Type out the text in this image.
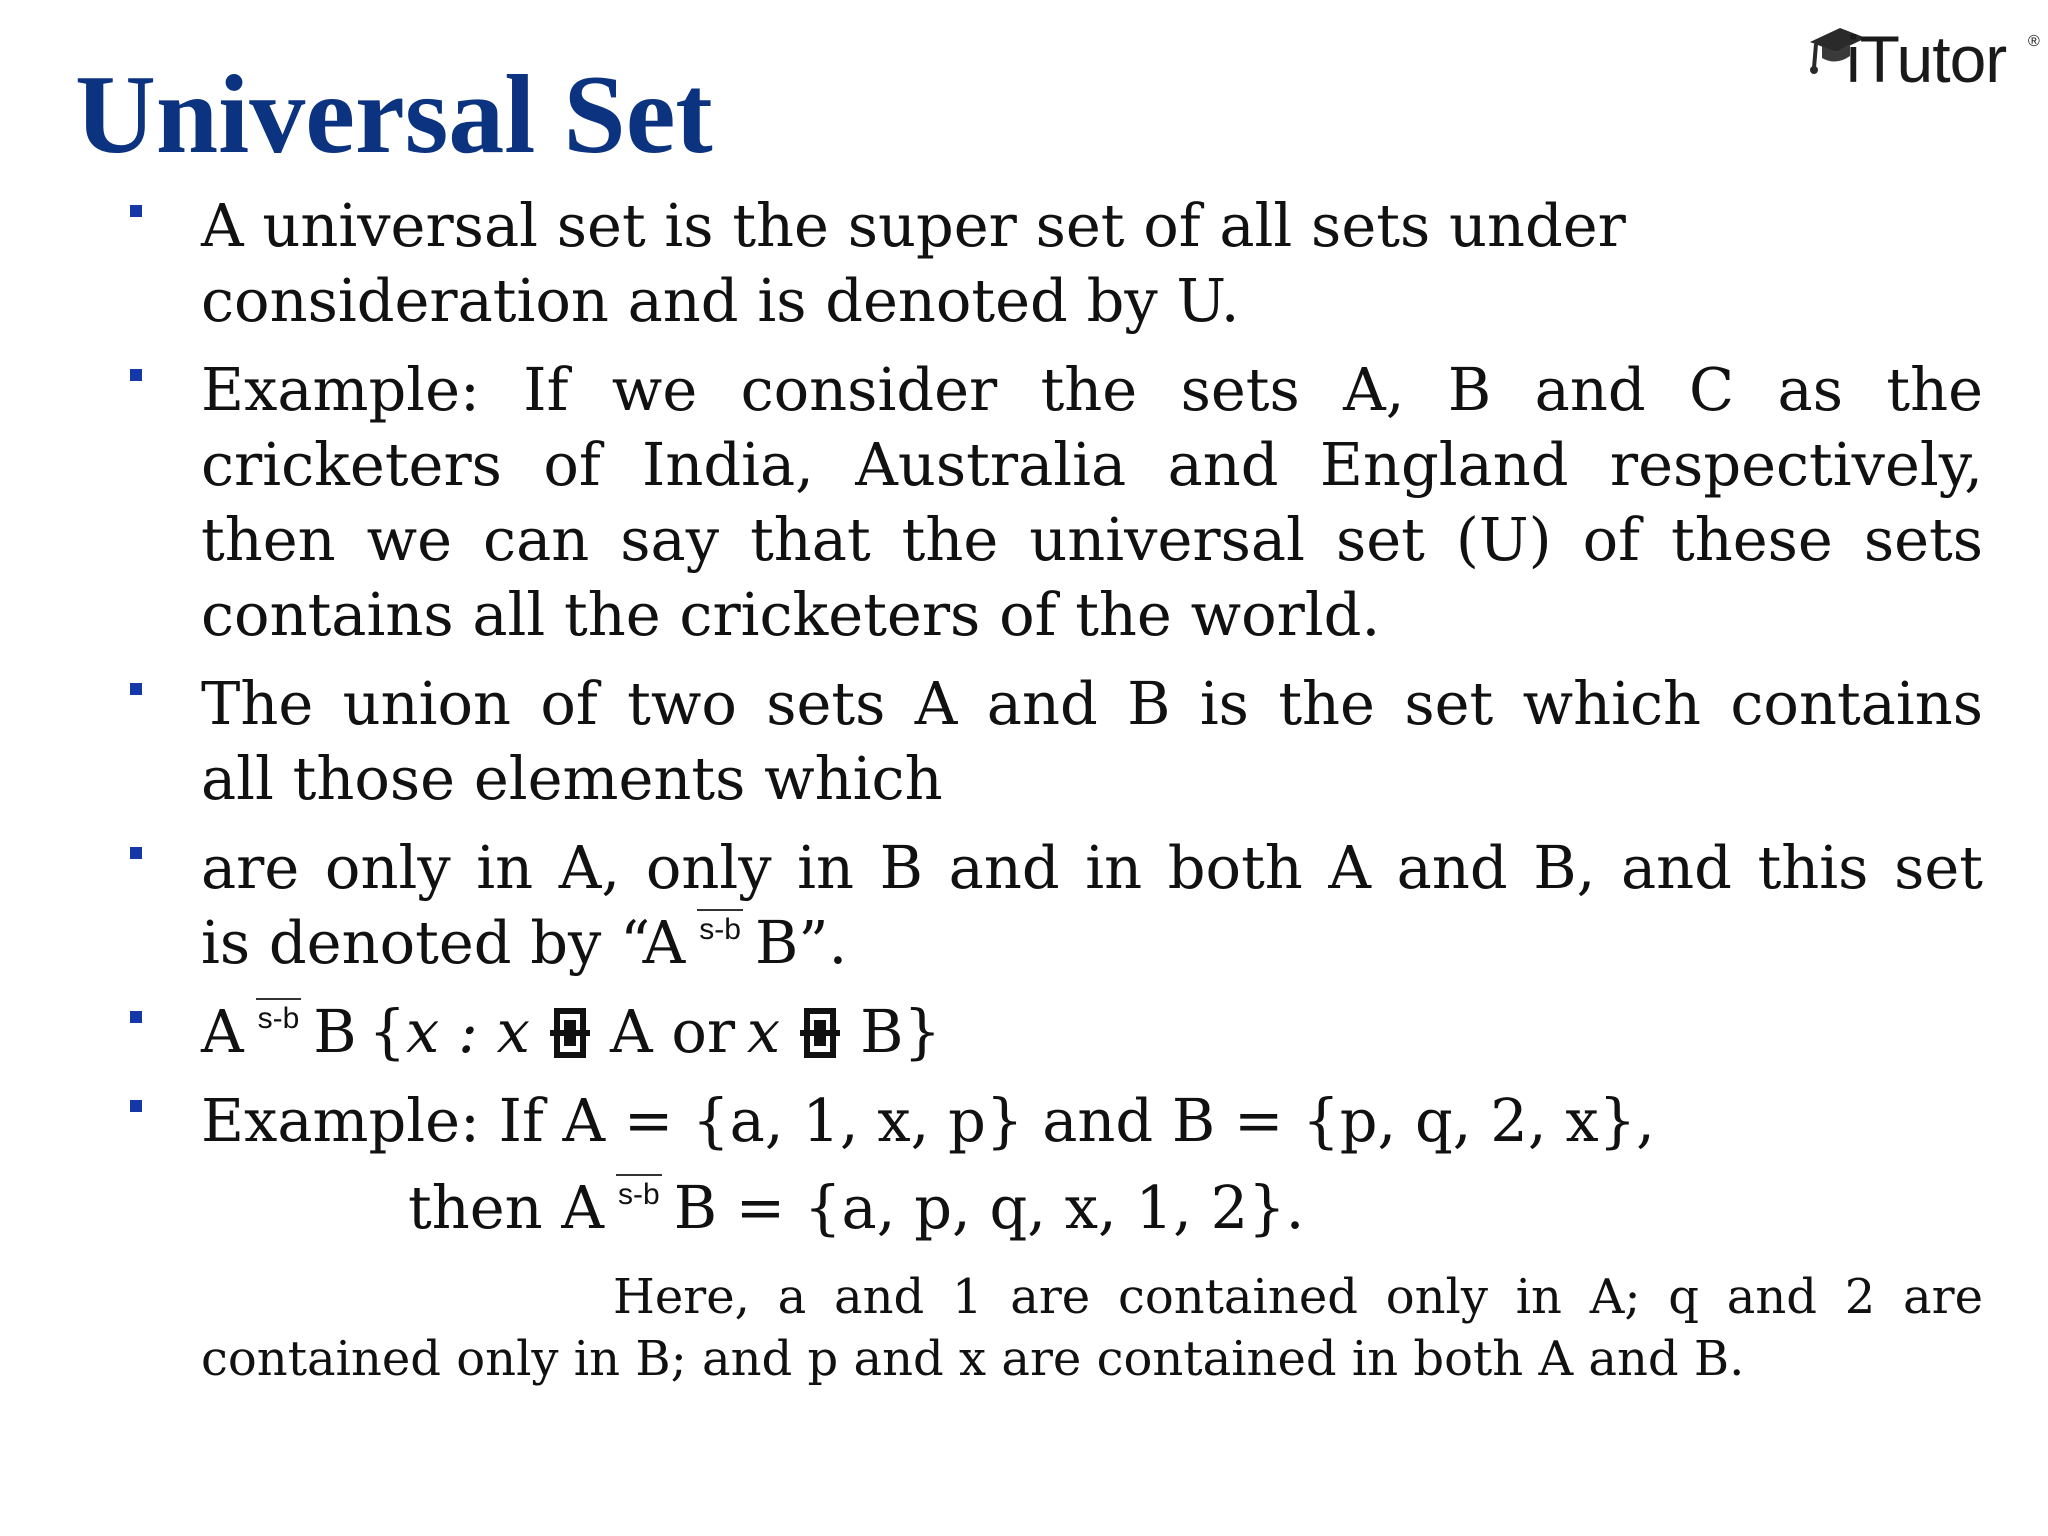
Universal Set	iTutor ®

A universal set is the super set of all sets under
consideration and is denoted by U.

Example: If we consider the sets A, B and C as the
cricketers of India, Australia and England respectively,
then we can say that the universal set (U) of these sets
contains all the cricketers of the world.

The union of two sets A and B is the set which contains
all those elements which

are only in A, only in B and in both A and B, and this set
is denoted by “A s-b B”.

A s-b B  {x : x A or  x B}

Example: If A = {a, 1, x, p} and B = {p, q, 2, x},

then A s-b B = {a, p, q, x, 1, 2}.

Here, a and 1 are contained only in A; q and 2 are
contained only in B; and p and x are contained in both A and B.
